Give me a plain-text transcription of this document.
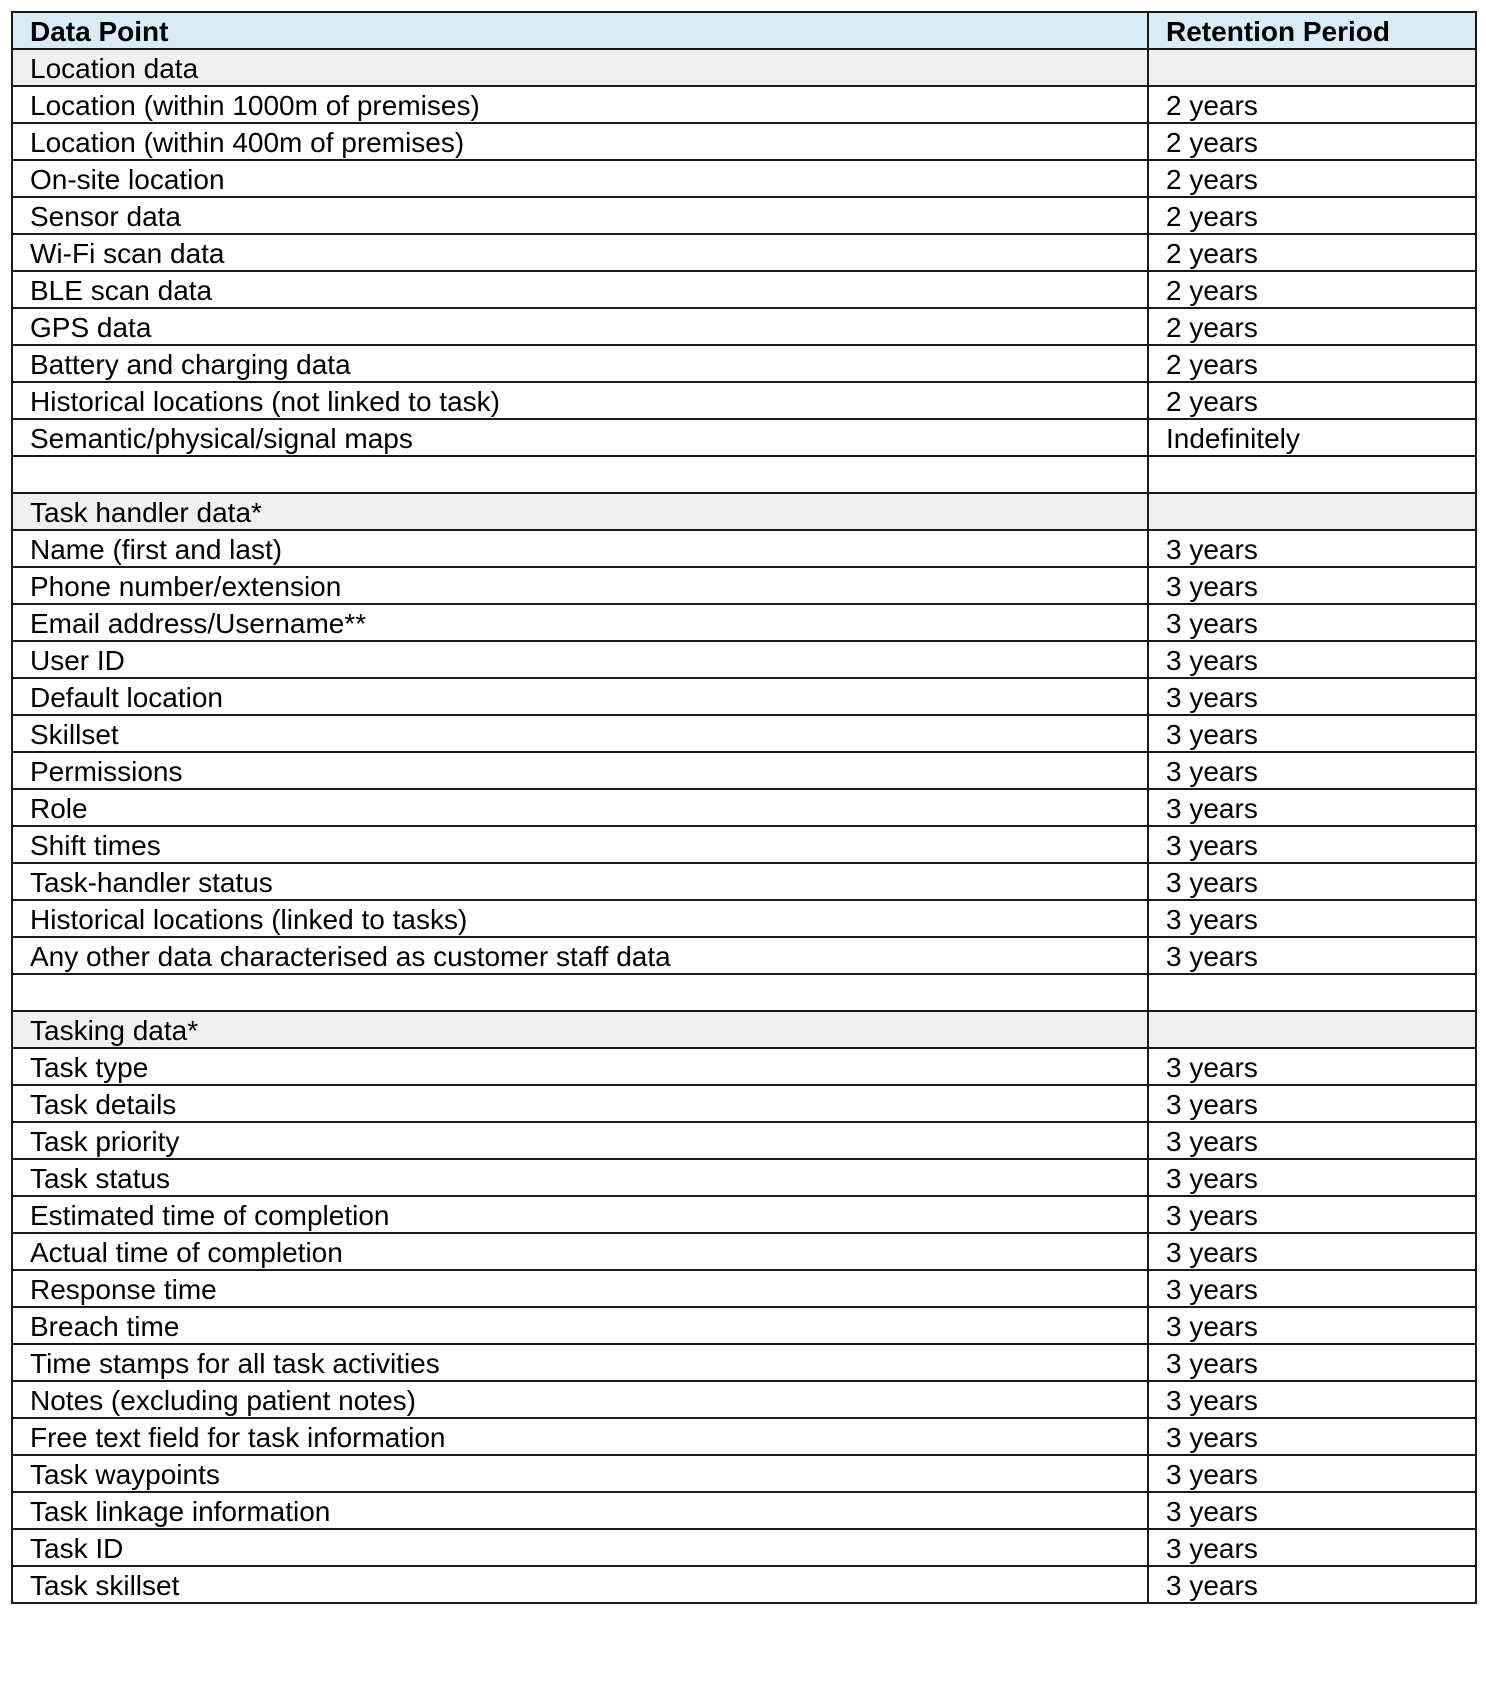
Data Point	Retention Period
Location data	
Location (within 1000m of premises)	2 years
Location (within 400m of premises)	2 years
On-site location	2 years
Sensor data	2 years
Wi-Fi scan data	2 years
BLE scan data	2 years
GPS data	2 years
Battery and charging data	2 years
Historical locations (not linked to task)	2 years
Semantic/physical/signal maps	Indefinitely

Task handler data*	
Name (first and last)	3 years
Phone number/extension	3 years
Email address/Username**	3 years
User ID	3 years
Default location	3 years
Skillset	3 years
Permissions	3 years
Role	3 years
Shift times	3 years
Task-handler status	3 years
Historical locations (linked to tasks)	3 years
Any other data characterised as customer staff data	3 years

Tasking data*	
Task type	3 years
Task details	3 years
Task priority	3 years
Task status	3 years
Estimated time of completion	3 years
Actual time of completion	3 years
Response time	3 years
Breach time	3 years
Time stamps for all task activities	3 years
Notes (excluding patient notes)	3 years
Free text field for task information	3 years
Task waypoints	3 years
Task linkage information	3 years
Task ID	3 years
Task skillset	3 years
